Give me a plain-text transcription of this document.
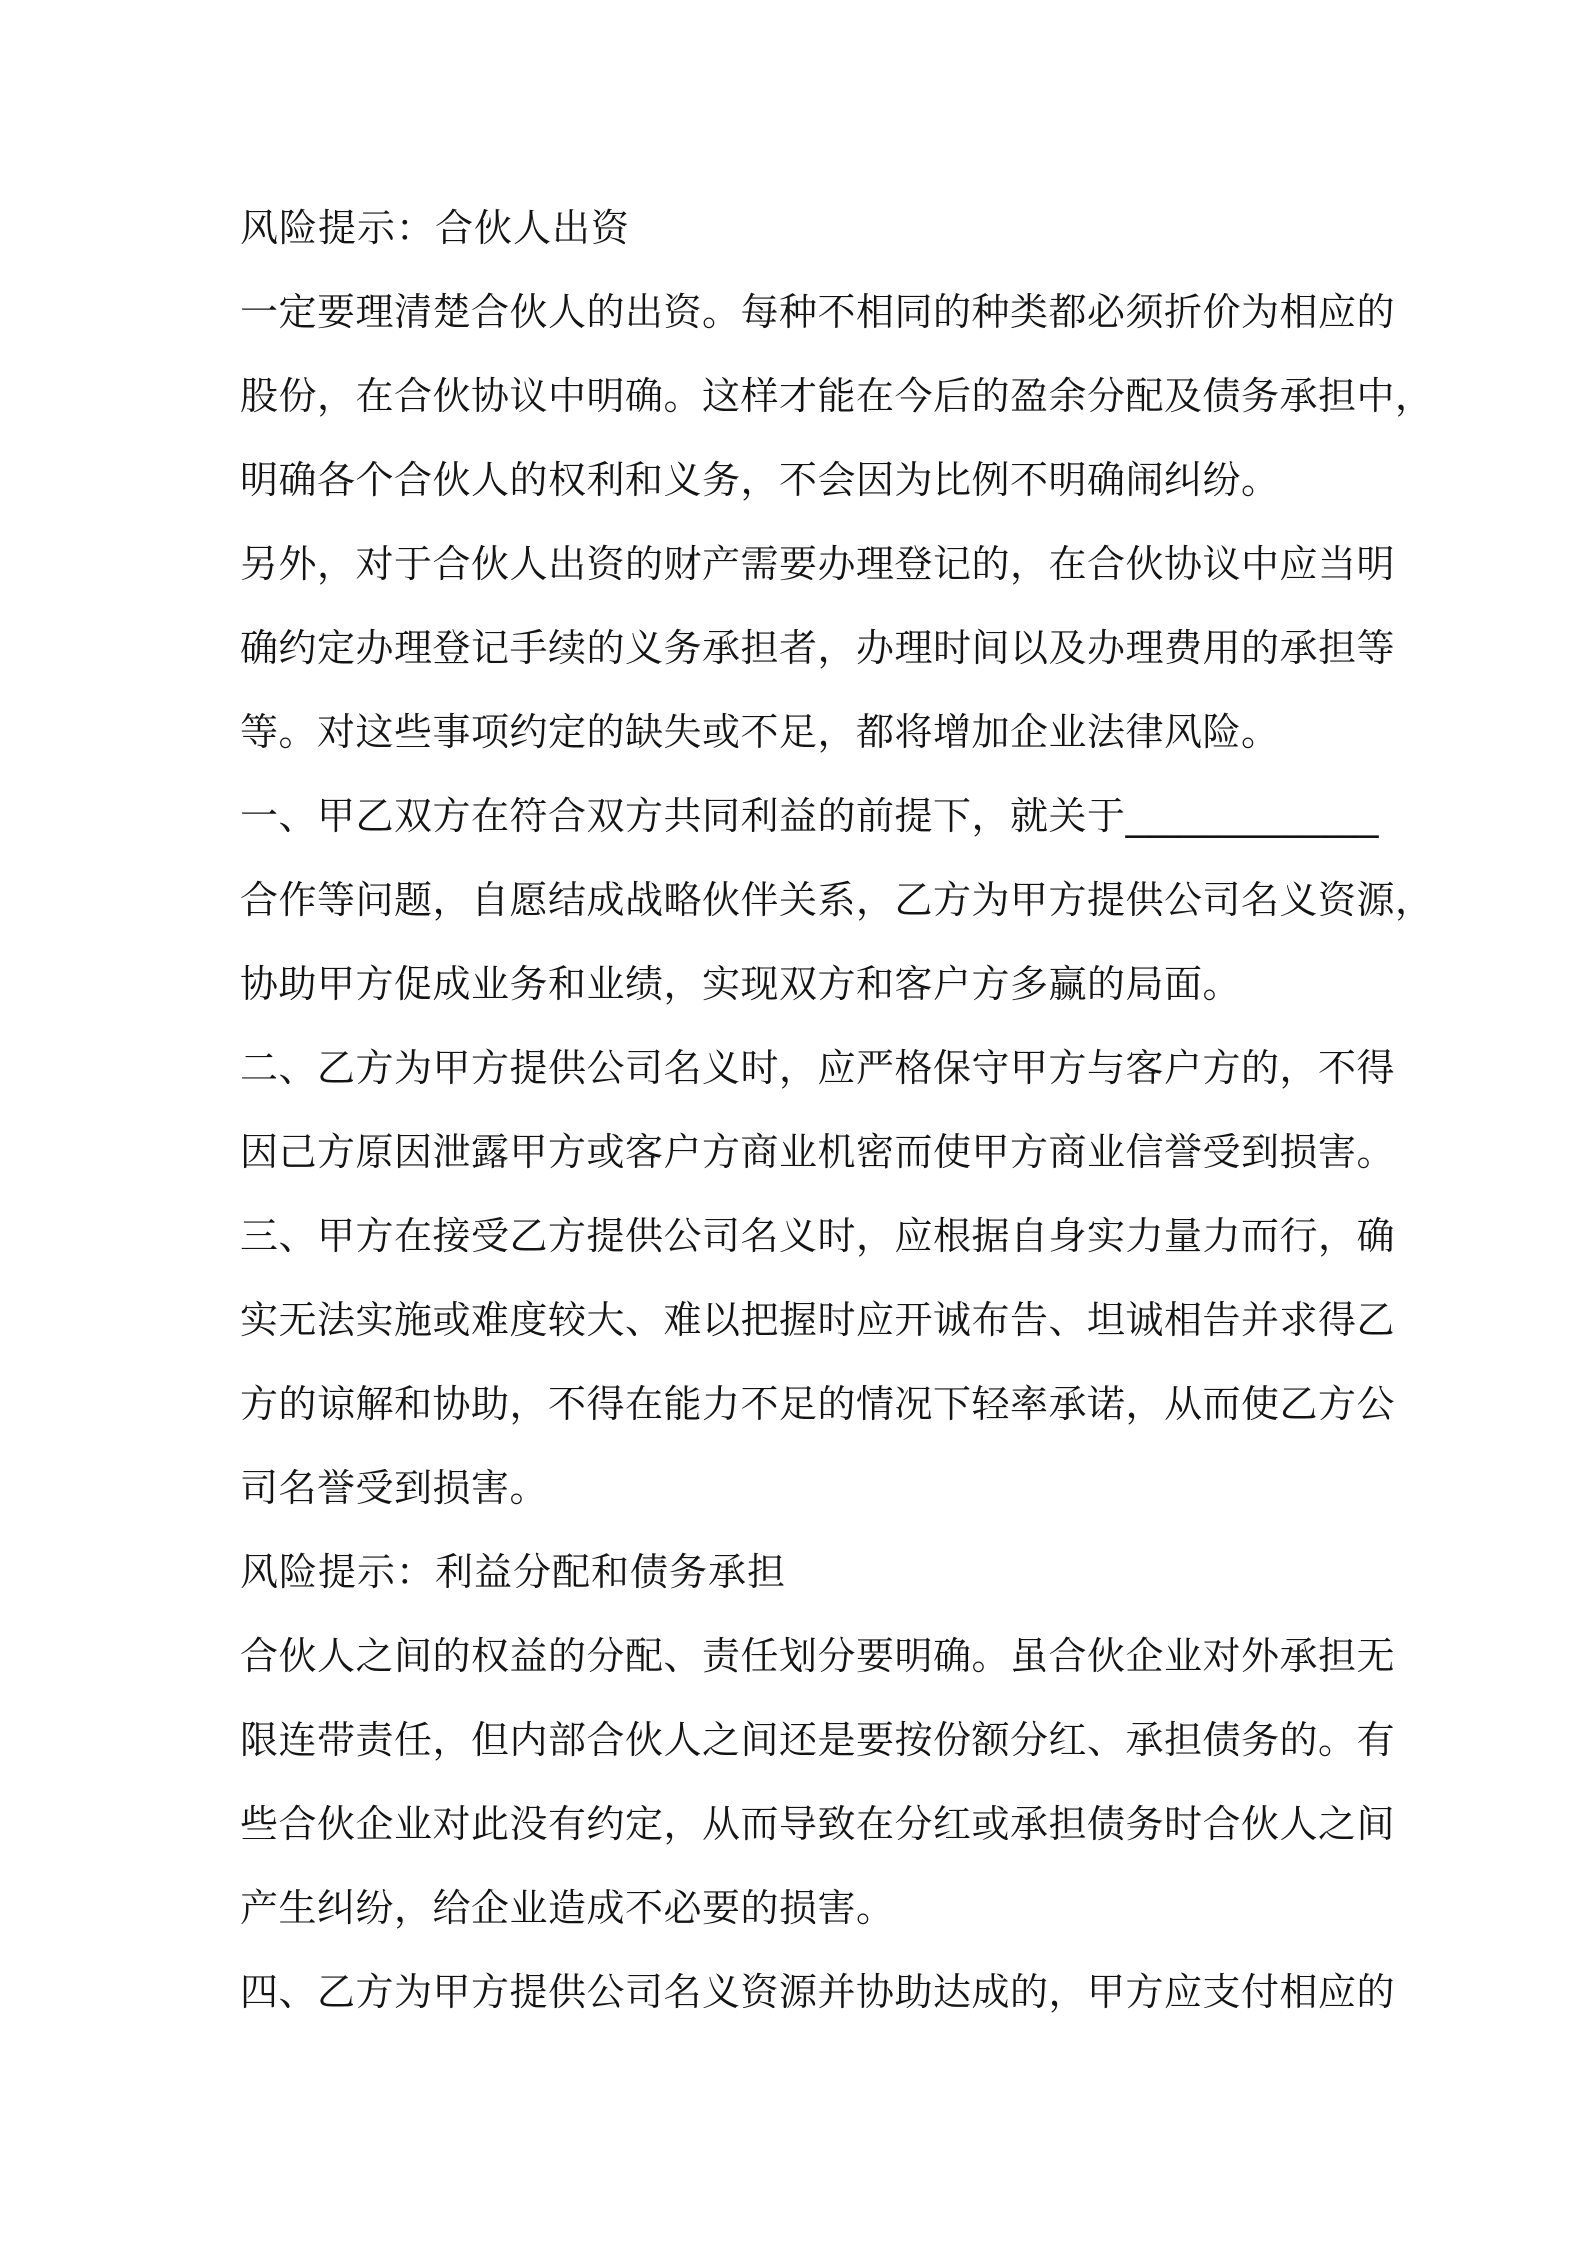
风险提示：合伙人出资
一定要理清楚合伙人的出资。每种不相同的种类都必须折价为相应的
股份，在合伙协议中明确。这样才能在今后的盈余分配及债务承担中，
明确各个合伙人的权利和义务，不会因为比例不明确闹纠纷。
另外，对于合伙人出资的财产需要办理登记的，在合伙协议中应当明
确约定办理登记手续的义务承担者，办理时间以及办理费用的承担等
等。对这些事项约定的缺失或不足，都将增加企业法律风险。
一、甲乙双方在符合双方共同利益的前提下，就关于_____________
合作等问题，自愿结成战略伙伴关系，乙方为甲方提供公司名义资源，
协助甲方促成业务和业绩，实现双方和客户方多赢的局面。
二、乙方为甲方提供公司名义时，应严格保守甲方与客户方的，不得
因己方原因泄露甲方或客户方商业机密而使甲方商业信誉受到损害。
三、甲方在接受乙方提供公司名义时，应根据自身实力量力而行，确
实无法实施或难度较大、难以把握时应开诚布告、坦诚相告并求得乙
方的谅解和协助，不得在能力不足的情况下轻率承诺，从而使乙方公
司名誉受到损害。
风险提示：利益分配和债务承担
合伙人之间的权益的分配、责任划分要明确。虽合伙企业对外承担无
限连带责任，但内部合伙人之间还是要按份额分红、承担债务的。有
些合伙企业对此没有约定，从而导致在分红或承担债务时合伙人之间
产生纠纷，给企业造成不必要的损害。
四、乙方为甲方提供公司名义资源并协助达成的，甲方应支付相应的
